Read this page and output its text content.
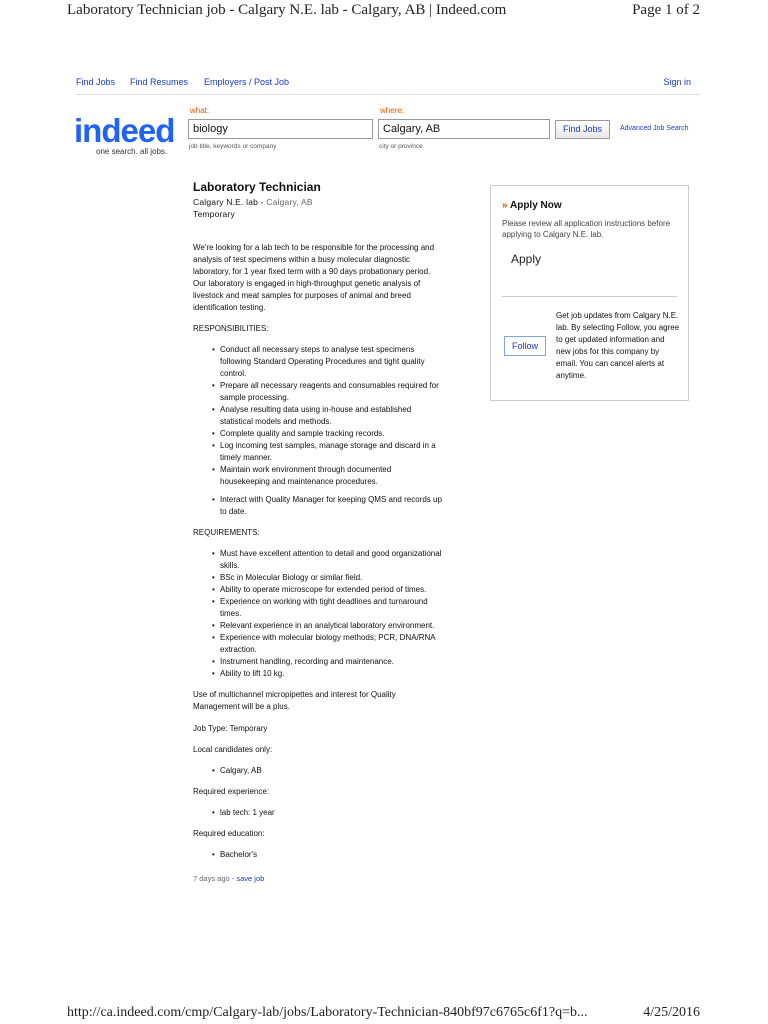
Laboratory Technician job - Calgary N.E. lab - Calgary, AB | Indeed.com	Page 1 of 2
Find Jobs Find Resumes Employers / Post Job	Sign in
indeed
one search. all jobs.
what:
biology
job title, keywords or company
where:
Calgary, AB
city or province
Find Jobs	Advanced Job Search
Laboratory Technician
Calgary N.E. lab - Calgary, AB
Temporary

We're looking for a lab tech to be responsible for the processing and analysis of test specimens within a busy molecular diagnostic laboratory, for 1 year fixed term with a 90 days probationary period.

Our laboratory is engaged in high-throughput genetic analysis of livestock and meat samples for purposes of animal and breed identification testing.

RESPONSIBILITIES:

• Conduct all necessary steps to analyse test specimens following Standard Operating Procedures and tight quality control.
• Prepare all necessary reagents and consumables required for sample processing.
• Analyse resulting data using in-house and established statistical models and methods.
• Complete quality and sample tracking records.
• Log incoming test samples, manage storage and discard in a timely manner.
• Maintain work environment through documented housekeeping and maintenance procedures.
• Interact with Quality Manager for keeping QMS and records up to date.

REQUIREMENTS:

• Must have excellent attention to detail and good organizational skills.
• BSc in Molecular Biology or similar field.
• Ability to operate microscope for extended period of times.
• Experience on working with tight deadlines and turnaround times.
• Relevant experience in an analytical laboratory environment.
• Experience with molecular biology methods; PCR, DNA/RNA extraction.
• Instrument handling, recording and maintenance.
• Ability to lift 10 kg.

Use of multichannel micropipettes and interest for Quality Management will be a plus.

Job Type: Temporary

Local candidates only:

• Calgary, AB

Required experience:

• lab tech: 1 year

Required education:

• Bachelor's
7 days ago - save job
» Apply Now
Please review all application instructions before applying to Calgary N.E. lab.
Apply
Follow
Get job updates from Calgary N.E. lab. By selecting Follow, you agree to get updated information and new jobs for this company by email. You can cancel alerts at anytime.
http://ca.indeed.com/cmp/Calgary-lab/jobs/Laboratory-Technician-840bf97c6765c6f1?q=b...	4/25/2016
